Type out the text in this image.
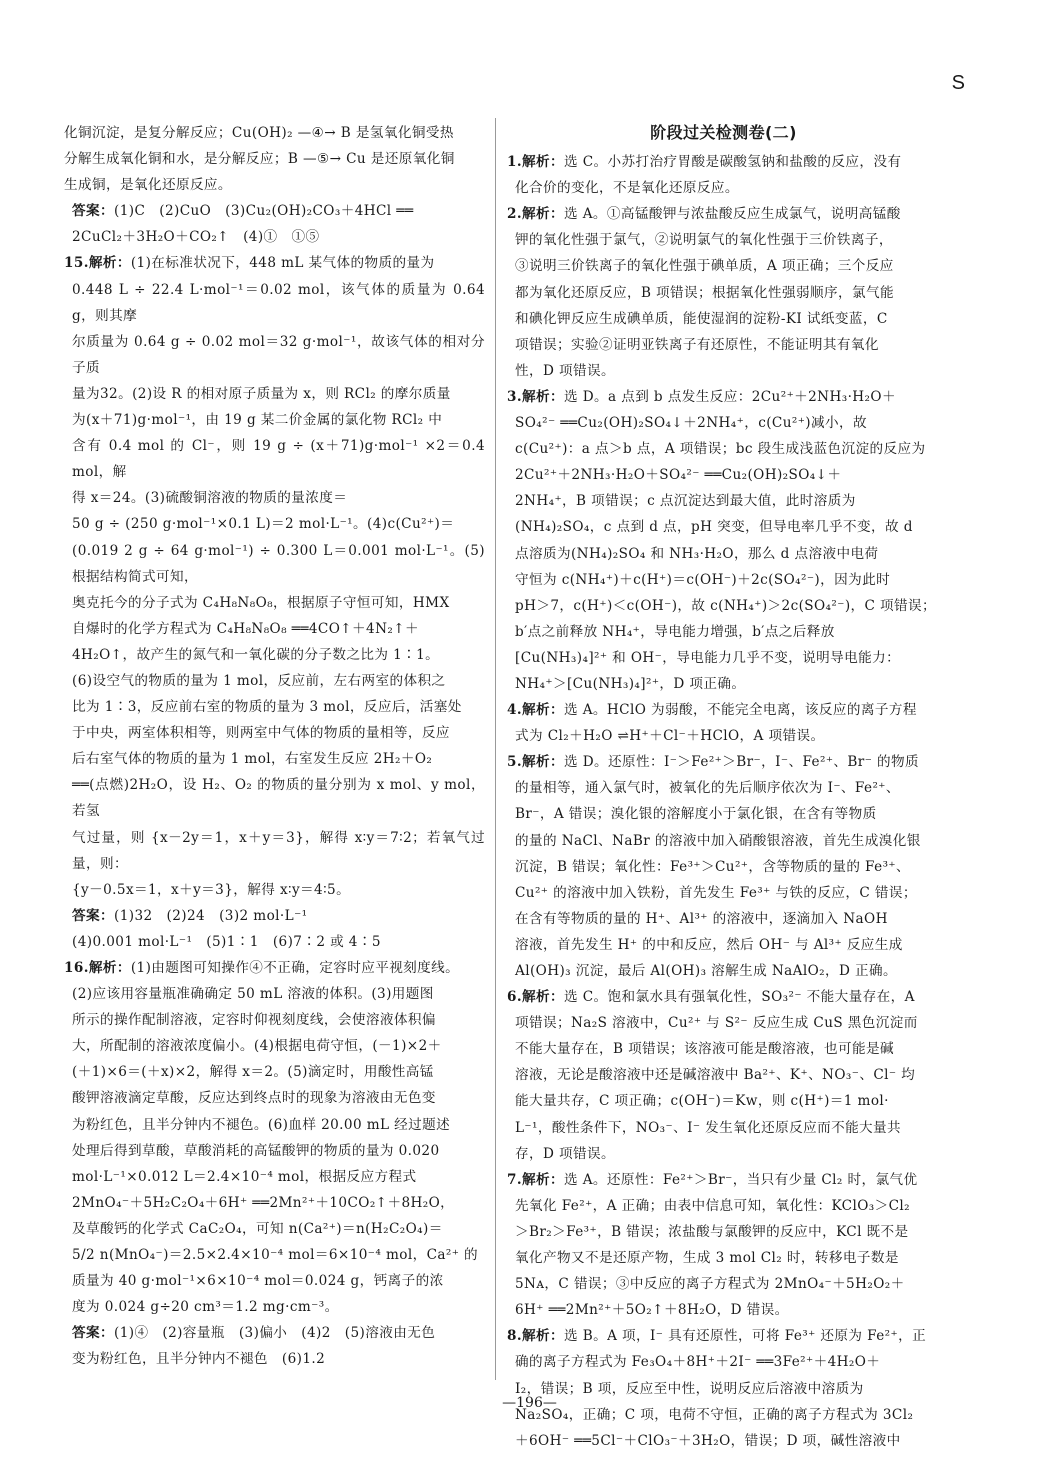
S

化铜沉淀，是复分解反应；Cu(OH)₂ —④→ B 是氢氧化铜受热

分解生成氧化铜和水，是分解反应；B —⑤→ Cu 是还原氧化铜

生成铜，是氧化还原反应。

答案：(1)C　(2)CuO　(3)Cu₂(OH)₂CO₃＋4HCl ══

2CuCl₂＋3H₂O＋CO₂↑　(4)①　①⑤

15.解析：(1)在标准状况下，448 mL 某气体的物质的量为

0.448 L ÷ 22.4 L·mol⁻¹＝0.02 mol，该气体的质量为 0.64 g，则其摩

尔质量为 0.64 g ÷ 0.02 mol＝32 g·mol⁻¹，故该气体的相对分子质

量为32。(2)设 R 的相对原子质量为 x，则 RCl₂ 的摩尔质量

为(x＋71)g·mol⁻¹，由 19 g 某二价金属的氯化物 RCl₂ 中

含有 0.4 mol 的 Cl⁻，则 19 g ÷ (x＋71)g·mol⁻¹ ×2＝0.4 mol，解

得 x＝24。(3)硫酸铜溶液的物质的量浓度＝

50 g ÷ (250 g·mol⁻¹×0.1 L)＝2 mol·L⁻¹。(4)c(Cu²⁺)＝

(0.019 2 g ÷ 64 g·mol⁻¹) ÷ 0.300 L＝0.001 mol·L⁻¹。(5)根据结构简式可知，

奥克托今的分子式为 C₄H₈N₈O₈，根据原子守恒可知，HMX

自爆时的化学方程式为 C₄H₈N₈O₈ ══4CO↑＋4N₂↑＋

4H₂O↑，故产生的氮气和一氧化碳的分子数之比为 1∶1。

(6)设空气的物质的量为 1 mol，反应前，左右两室的体积之

比为 1∶3，反应前右室的物质的量为 3 mol，反应后，活塞处

于中央，两室体积相等，则两室中气体的物质的量相等，反应

后右室气体的物质的量为 1 mol，右室发生反应 2H₂＋O₂

══(点燃)2H₂O，设 H₂、O₂ 的物质的量分别为 x mol、y mol，若氢

气过量，则 {x－2y＝1，x＋y＝3}，解得 x∶y＝7∶2；若氧气过量，则：

{y－0.5x＝1，x＋y＝3}，解得 x∶y＝4∶5。

答案：(1)32　(2)24　(3)2 mol·L⁻¹

(4)0.001 mol·L⁻¹　(5)1∶1　(6)7∶2 或 4∶5

16.解析：(1)由题图可知操作④不正确，定容时应平视刻度线。

(2)应该用容量瓶准确确定 50 mL 溶液的体积。(3)用题图

所示的操作配制溶液，定容时仰视刻度线，会使溶液体积偏

大，所配制的溶液浓度偏小。(4)根据电荷守恒，(－1)×2＋

(＋1)×6＝(＋x)×2，解得 x＝2。(5)滴定时，用酸性高锰

酸钾溶液滴定草酸，反应达到终点时的现象为溶液由无色变

为粉红色，且半分钟内不褪色。(6)血样 20.00 mL 经过题述

处理后得到草酸，草酸消耗的高锰酸钾的物质的量为 0.020

mol·L⁻¹×0.012 L＝2.4×10⁻⁴ mol，根据反应方程式

2MnO₄⁻＋5H₂C₂O₄＋6H⁺ ══2Mn²⁺＋10CO₂↑＋8H₂O，

及草酸钙的化学式 CaC₂O₄，可知 n(Ca²⁺)＝n(H₂C₂O₄)＝

5/2 n(MnO₄⁻)＝2.5×2.4×10⁻⁴ mol＝6×10⁻⁴ mol，Ca²⁺ 的

质量为 40 g·mol⁻¹×6×10⁻⁴ mol＝0.024 g，钙离子的浓

度为 0.024 g÷20 cm³＝1.2 mg·cm⁻³。

答案：(1)④　(2)容量瓶　(3)偏小　(4)2　(5)溶液由无色

变为粉红色，且半分钟内不褪色　(6)1.2

阶段过关检测卷(二)

1.解析：选 C。小苏打治疗胃酸是碳酸氢钠和盐酸的反应，没有

化合价的变化，不是氧化还原反应。

2.解析：选 A。①高锰酸钾与浓盐酸反应生成氯气，说明高锰酸

钾的氧化性强于氯气，②说明氯气的氧化性强于三价铁离子，

③说明三价铁离子的氧化性强于碘单质，A 项正确；三个反应

都为氧化还原反应，B 项错误；根据氧化性强弱顺序，氯气能

和碘化钾反应生成碘单质，能使湿润的淀粉-KI 试纸变蓝，C

项错误；实验②证明亚铁离子有还原性，不能证明其有氧化

性，D 项错误。

3.解析：选 D。a 点到 b 点发生反应：2Cu²⁺＋2NH₃·H₂O＋

SO₄²⁻ ══Cu₂(OH)₂SO₄↓＋2NH₄⁺，c(Cu²⁺)减小，故

c(Cu²⁺)：a 点＞b 点，A 项错误；bc 段生成浅蓝色沉淀的反应为

2Cu²⁺＋2NH₃·H₂O＋SO₄²⁻ ══Cu₂(OH)₂SO₄↓＋

2NH₄⁺，B 项错误；c 点沉淀达到最大值，此时溶质为

(NH₄)₂SO₄，c 点到 d 点，pH 突变，但导电率几乎不变，故 d

点溶质为(NH₄)₂SO₄ 和 NH₃·H₂O，那么 d 点溶液中电荷

守恒为 c(NH₄⁺)＋c(H⁺)＝c(OH⁻)＋2c(SO₄²⁻)，因为此时

pH＞7，c(H⁺)＜c(OH⁻)，故 c(NH₄⁺)＞2c(SO₄²⁻)，C 项错误；

b′点之前释放 NH₄⁺，导电能力增强，b′点之后释放

[Cu(NH₃)₄]²⁺ 和 OH⁻，导电能力几乎不变，说明导电能力：

NH₄⁺＞[Cu(NH₃)₄]²⁺，D 项正确。

4.解析：选 A。HClO 为弱酸，不能完全电离，该反应的离子方程

式为 Cl₂＋H₂O ⇌H⁺＋Cl⁻＋HClO，A 项错误。

5.解析：选 D。还原性：I⁻＞Fe²⁺＞Br⁻，I⁻、Fe²⁺、Br⁻ 的物质

的量相等，通入氯气时，被氧化的先后顺序依次为 I⁻、Fe²⁺、

Br⁻，A 错误；溴化银的溶解度小于氯化银，在含有等物质

的量的 NaCl、NaBr 的溶液中加入硝酸银溶液，首先生成溴化银

沉淀，B 错误；氧化性：Fe³⁺＞Cu²⁺，含等物质的量的 Fe³⁺、

Cu²⁺ 的溶液中加入铁粉，首先发生 Fe³⁺ 与铁的反应，C 错误；

在含有等物质的量的 H⁺、Al³⁺ 的溶液中，逐滴加入 NaOH

溶液，首先发生 H⁺ 的中和反应，然后 OH⁻ 与 Al³⁺ 反应生成

Al(OH)₃ 沉淀，最后 Al(OH)₃ 溶解生成 NaAlO₂，D 正确。

6.解析：选 C。饱和氯水具有强氧化性，SO₃²⁻ 不能大量存在，A

项错误；Na₂S 溶液中，Cu²⁺ 与 S²⁻ 反应生成 CuS 黑色沉淀而

不能大量存在，B 项错误；该溶液可能是酸溶液，也可能是碱

溶液，无论是酸溶液中还是碱溶液中 Ba²⁺、K⁺、NO₃⁻、Cl⁻ 均

能大量共存，C 项正确；c(OH⁻)＝Kw，则 c(H⁺)＝1 mol·

L⁻¹，酸性条件下，NO₃⁻、I⁻ 发生氧化还原反应而不能大量共

存，D 项错误。

7.解析：选 A。还原性：Fe²⁺＞Br⁻，当只有少量 Cl₂ 时，氯气优

先氧化 Fe²⁺，A 正确；由表中信息可知，氧化性：KClO₃＞Cl₂

＞Br₂＞Fe³⁺，B 错误；浓盐酸与氯酸钾的反应中，KCl 既不是

氧化产物又不是还原产物，生成 3 mol Cl₂ 时，转移电子数是

5Nᴀ，C 错误；③中反应的离子方程式为 2MnO₄⁻＋5H₂O₂＋

6H⁺ ══2Mn²⁺＋5O₂↑＋8H₂O，D 错误。

8.解析：选 B。A 项，I⁻ 具有还原性，可将 Fe³⁺ 还原为 Fe²⁺，正

确的离子方程式为 Fe₃O₄＋8H⁺＋2I⁻ ══3Fe²⁺＋4H₂O＋

I₂，错误；B 项，反应至中性，说明反应后溶液中溶质为

Na₂SO₄，正确；C 项，电荷不守恒，正确的离子方程式为 3Cl₂

＋6OH⁻ ══5Cl⁻＋ClO₃⁻＋3H₂O，错误；D 项，碱性溶液中

—196—
